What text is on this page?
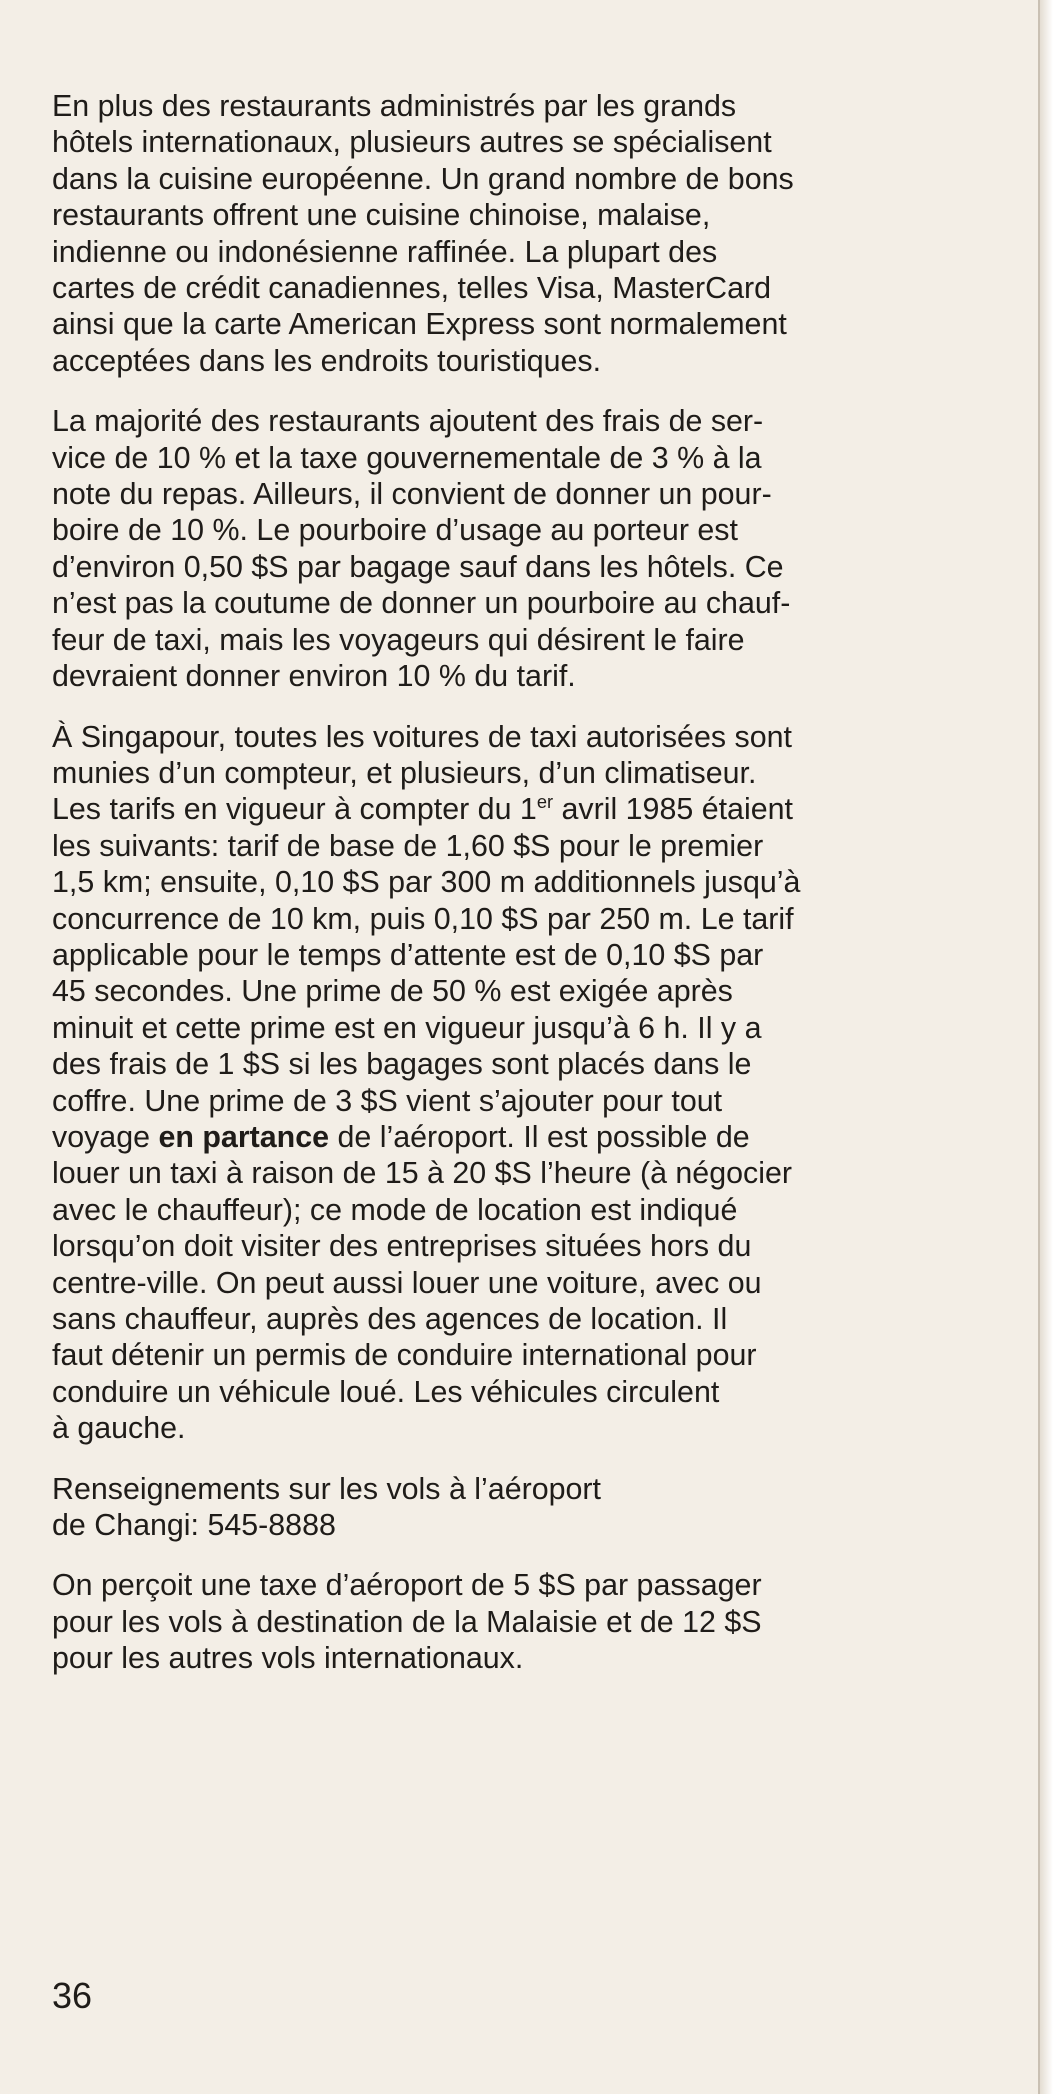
En plus des restaurants administrés par les grands
hôtels internationaux, plusieurs autres se spécialisent
dans la cuisine européenne. Un grand nombre de bons
restaurants offrent une cuisine chinoise, malaise,
indienne ou indonésienne raffinée. La plupart des
cartes de crédit canadiennes, telles Visa, MasterCard
ainsi que la carte American Express sont normalement
acceptées dans les endroits touristiques.

La majorité des restaurants ajoutent des frais de ser-
vice de 10 % et la taxe gouvernementale de 3 % à la
note du repas. Ailleurs, il convient de donner un pour-
boire de 10 %. Le pourboire d’usage au porteur est
d’environ 0,50 $S par bagage sauf dans les hôtels. Ce
n’est pas la coutume de donner un pourboire au chauf-
feur de taxi, mais les voyageurs qui désirent le faire
devraient donner environ 10 % du tarif.

À Singapour, toutes les voitures de taxi autorisées sont
munies d’un compteur, et plusieurs, d’un climatiseur.
Les tarifs en vigueur à compter du 1er avril 1985 étaient
les suivants: tarif de base de 1,60 $S pour le premier
1,5 km; ensuite, 0,10 $S par 300 m additionnels jusqu’à
concurrence de 10 km, puis 0,10 $S par 250 m. Le tarif
applicable pour le temps d’attente est de 0,10 $S par
45 secondes. Une prime de 50 % est exigée après
minuit et cette prime est en vigueur jusqu’à 6 h. Il y a
des frais de 1 $S si les bagages sont placés dans le
coffre. Une prime de 3 $S vient s’ajouter pour tout
voyage en partance de l’aéroport. Il est possible de
louer un taxi à raison de 15 à 20 $S l’heure (à négocier
avec le chauffeur); ce mode de location est indiqué
lorsqu’on doit visiter des entreprises situées hors du
centre-ville. On peut aussi louer une voiture, avec ou
sans chauffeur, auprès des agences de location. Il
faut détenir un permis de conduire international pour
conduire un véhicule loué. Les véhicules circulent
à gauche.

Renseignements sur les vols à l’aéroport
de Changi: 545-8888

On perçoit une taxe d’aéroport de 5 $S par passager
pour les vols à destination de la Malaisie et de 12 $S
pour les autres vols internationaux.

36
